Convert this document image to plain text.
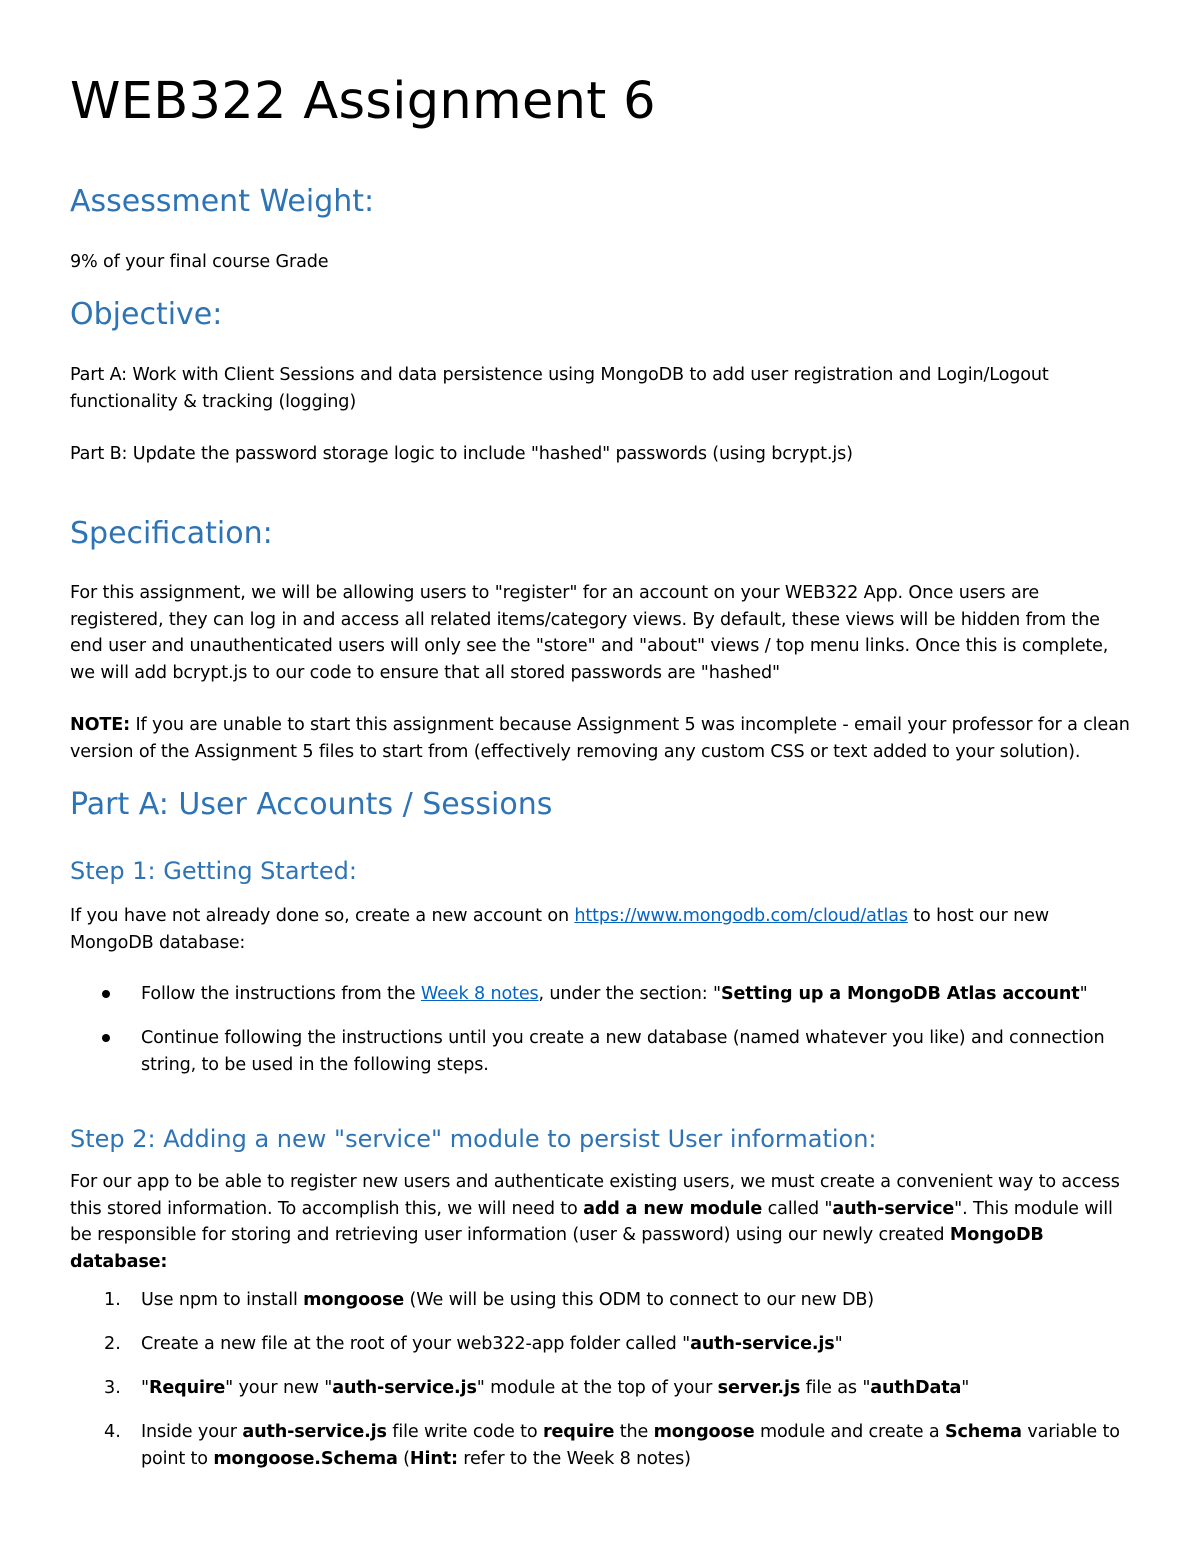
WEB322 Assignment 6
Assessment Weight:

9% of your final course Grade

Objective:

Part A: Work with Client Sessions and data persistence using MongoDB to add user registration and Login/Logout functionality & tracking (logging)

Part B: Update the password storage logic to include "hashed" passwords (using bcrypt.js)

Specification:

For this assignment, we will be allowing users to "register" for an account on your WEB322 App. Once users are registered, they can log in and access all related items/category views. By default, these views will be hidden from the end user and unauthenticated users will only see the "store" and "about" views / top menu links. Once this is complete, we will add bcrypt.js to our code to ensure that all stored passwords are "hashed"

NOTE: If you are unable to start this assignment because Assignment 5 was incomplete - email your professor for a clean version of the Assignment 5 files to start from (effectively removing any custom CSS or text added to your solution).

Part A: User Accounts / Sessions
Step 1: Getting Started:

If you have not already done so, create a new account on https://www.mongodb.com/cloud/atlas to host our new MongoDB database:

Follow the instructions from the Week 8 notes, under the section: "Setting up a MongoDB Atlas account"

Continue following the instructions until you create a new database (named whatever you like) and connection string, to be used in the following steps.

Step 2: Adding a new "service" module to persist User information:

For our app to be able to register new users and authenticate existing users, we must create a convenient way to access this stored information. To accomplish this, we will need to add a new module called "auth-service". This module will be responsible for storing and retrieving user information (user & password) using our newly created MongoDB database:

1. Use npm to install mongoose (We will be using this ODM to connect to our new DB)

2. Create a new file at the root of your web322-app folder called "auth-service.js"

3. "Require" your new "auth-service.js" module at the top of your server.js file as "authData"

4. Inside your auth-service.js file write code to require the mongoose module and create a Schema variable to point to mongoose.Schema (Hint: refer to the Week 8 notes)
